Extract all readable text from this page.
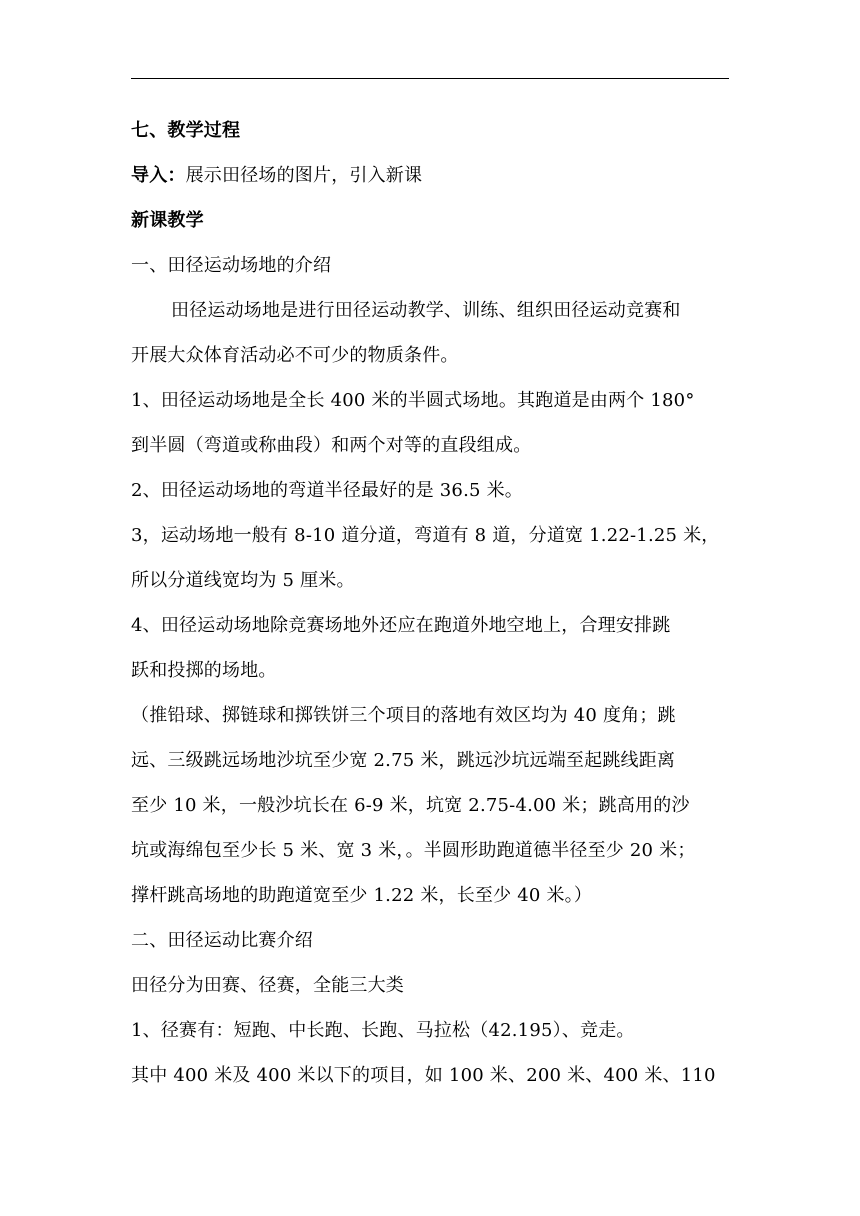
七、教学过程
导入：展示田径场的图片，引入新课
新课教学
一、田径运动场地的介绍
田径运动场地是进行田径运动教学、训练、组织田径运动竞赛和
开展大众体育活动必不可少的物质条件。
1、田径运动场地是全长 400 米的半圆式场地。其跑道是由两个 180°
到半圆（弯道或称曲段）和两个对等的直段组成。
2、田径运动场地的弯道半径最好的是 36.5 米。
3，运动场地一般有 8-10 道分道，弯道有 8 道，分道宽 1.22-1.25 米，
所以分道线宽均为 5 厘米。
4、田径运动场地除竞赛场地外还应在跑道外地空地上，合理安排跳
跃和投掷的场地。
（推铅球、掷链球和掷铁饼三个项目的落地有效区均为 40 度角；跳
远、三级跳远场地沙坑至少宽 2.75 米，跳远沙坑远端至起跳线距离
至少 10 米，一般沙坑长在 6-9 米，坑宽 2.75-4.00 米；跳高用的沙
坑或海绵包至少长 5 米、宽 3 米，。半圆形助跑道德半径至少 20 米；
撑杆跳高场地的助跑道宽至少 1.22 米，长至少 40 米。）
二、田径运动比赛介绍
田径分为田赛、径赛，全能三大类
1、径赛有：短跑、中长跑、长跑、马拉松（42.195）、竞走。
其中 400 米及 400 米以下的项目，如 100 米、200 米、400 米、110
